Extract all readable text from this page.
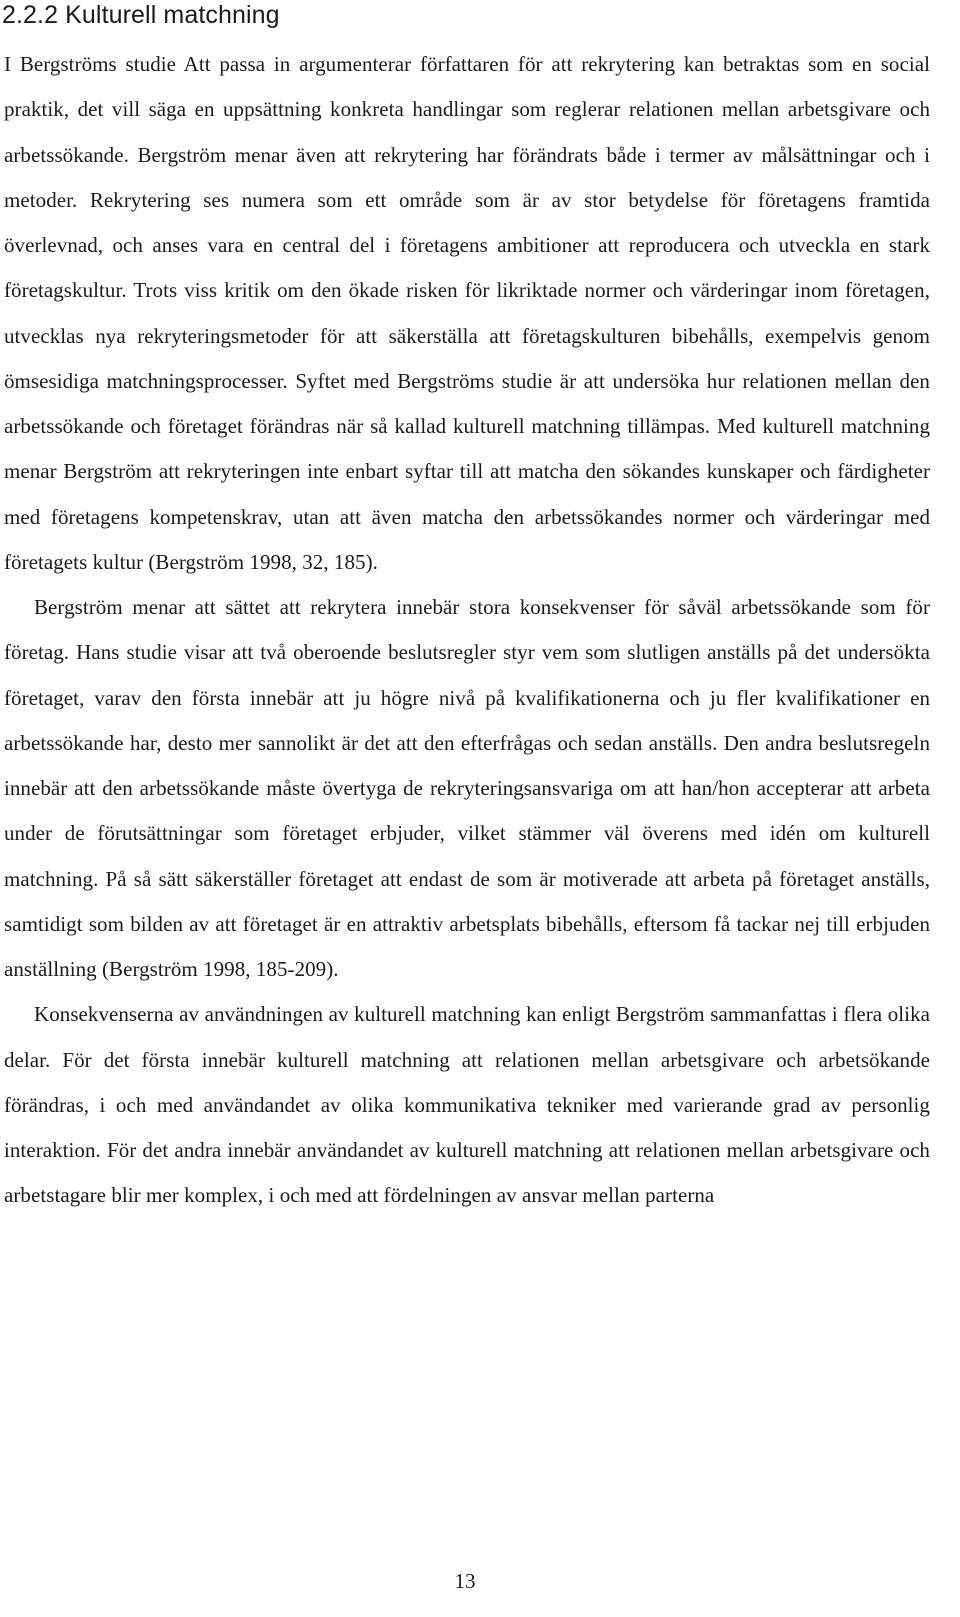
2.2.2 Kulturell matchning

I Bergströms studie Att passa in argumenterar författaren för att rekrytering kan betraktas som en social praktik, det vill säga en uppsättning konkreta handlingar som reglerar relationen mellan arbetsgivare och arbetssökande. Bergström menar även att rekrytering har förändrats både i termer av målsättningar och i metoder. Rekrytering ses numera som ett område som är av stor betydelse för företagens framtida överlevnad, och anses vara en central del i företagens ambitioner att reproducera och utveckla en stark företagskultur. Trots viss kritik om den ökade risken för likriktade normer och värderingar inom företagen, utvecklas nya rekryteringsmetoder för att säkerställa att företagskulturen bibehålls, exempelvis genom ömsesidiga matchningsprocesser. Syftet med Bergströms studie är att undersöka hur relationen mellan den arbetssökande och företaget förändras när så kallad kulturell matchning tillämpas. Med kulturell matchning menar Bergström att rekryteringen inte enbart syftar till att matcha den sökandes kunskaper och färdigheter med företagens kompetenskrav, utan att även matcha den arbetssökandes normer och värderingar med företagets kultur (Bergström 1998, 32, 185).

Bergström menar att sättet att rekrytera innebär stora konsekvenser för såväl arbetssökande som för företag. Hans studie visar att två oberoende beslutsregler styr vem som slutligen anställs på det undersökta företaget, varav den första innebär att ju högre nivå på kvalifikationerna och ju fler kvalifikationer en arbetssökande har, desto mer sannolikt är det att den efterfrågas och sedan anställs. Den andra beslutsregeln innebär att den arbetssökande måste övertyga de rekryteringsansvariga om att han/hon accepterar att arbeta under de förutsättningar som företaget erbjuder, vilket stämmer väl överens med idén om kulturell matchning. På så sätt säkerställer företaget att endast de som är motiverade att arbeta på företaget anställs, samtidigt som bilden av att företaget är en attraktiv arbetsplats bibehålls, eftersom få tackar nej till erbjuden anställning (Bergström 1998, 185-209).

Konsekvenserna av användningen av kulturell matchning kan enligt Bergström sammanfattas i flera olika delar. För det första innebär kulturell matchning att relationen mellan arbetsgivare och arbetsökande förändras, i och med användandet av olika kommunikativa tekniker med varierande grad av personlig interaktion. För det andra innebär användandet av kulturell matchning att relationen mellan arbetsgivare och arbetstagare blir mer komplex, i och med att fördelningen av ansvar mellan parterna

13
